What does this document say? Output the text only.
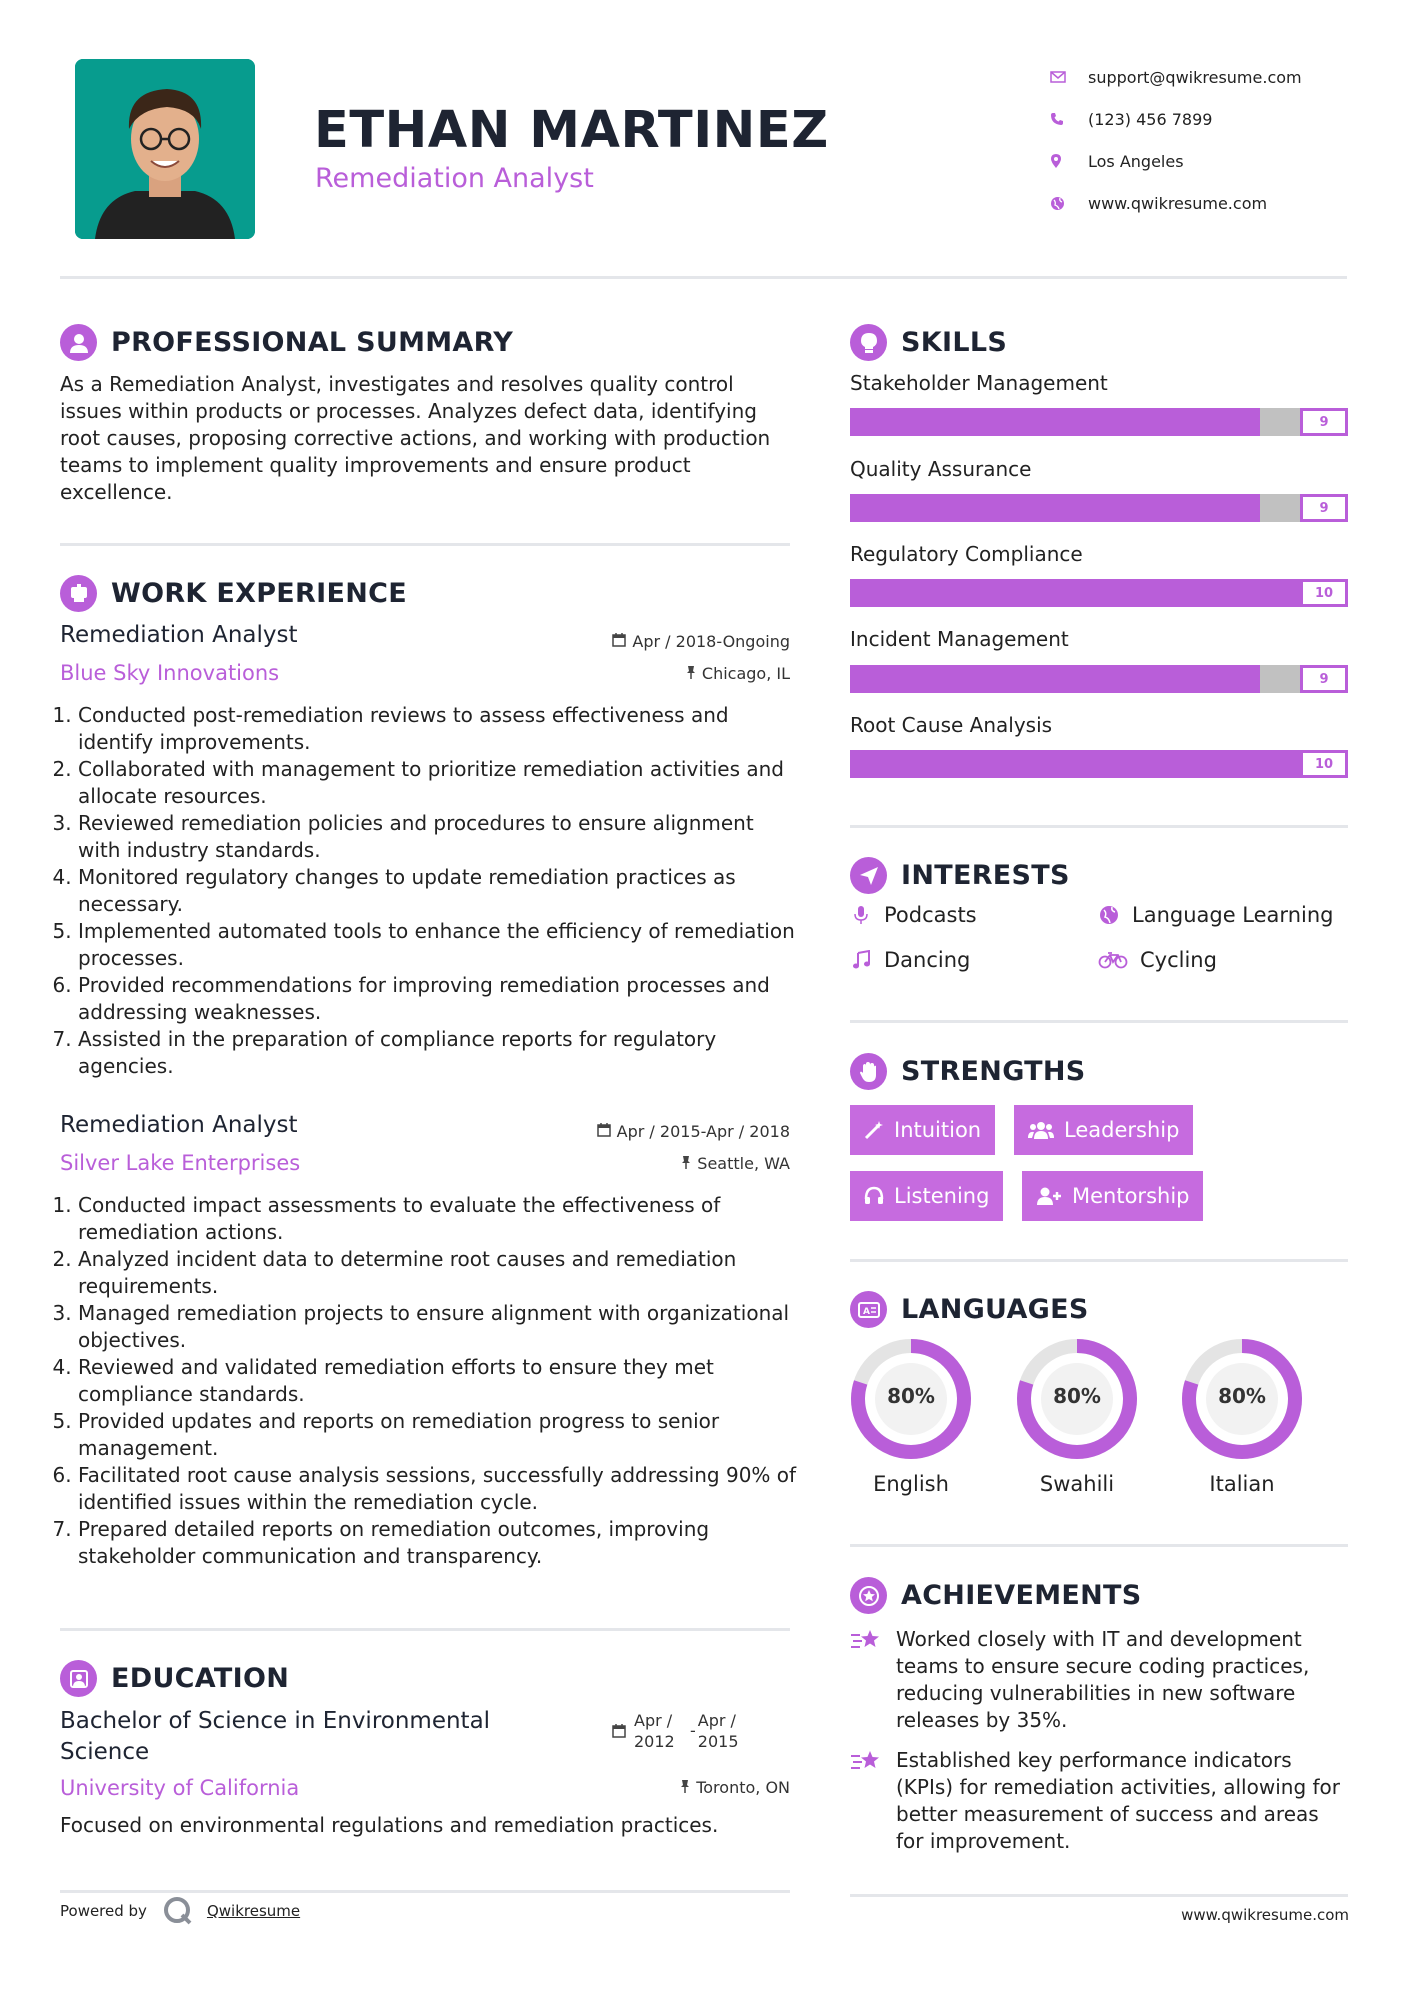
ETHAN MARTINEZ
Remediation Analyst
support@qwikresume.com
(123) 456 7899
Los Angeles
www.qwikresume.com
PROFESSIONAL SUMMARY
As a Remediation Analyst, investigates and resolves quality control issues within products or processes. Analyzes defect data, identifying root causes, proposing corrective actions, and working with production teams to implement quality improvements and ensure product excellence.
WORK EXPERIENCE
Remediation Analyst
Blue Sky Innovations
Apr / 2018-Ongoing
Chicago, IL
1. Conducted post-remediation reviews to assess effectiveness and identify improvements.
2. Collaborated with management to prioritize remediation activities and allocate resources.
3. Reviewed remediation policies and procedures to ensure alignment with industry standards.
4. Monitored regulatory changes to update remediation practices as necessary.
5. Implemented automated tools to enhance the efficiency of remediation processes.
6. Provided recommendations for improving remediation processes and addressing weaknesses.
7. Assisted in the preparation of compliance reports for regulatory agencies.
Remediation Analyst
Silver Lake Enterprises
Apr / 2015-Apr / 2018
Seattle, WA
1. Conducted impact assessments to evaluate the effectiveness of remediation actions.
2. Analyzed incident data to determine root causes and remediation requirements.
3. Managed remediation projects to ensure alignment with organizational objectives.
4. Reviewed and validated remediation efforts to ensure they met compliance standards.
5. Provided updates and reports on remediation progress to senior management.
6. Facilitated root cause analysis sessions, successfully addressing 90% of identified issues within the remediation cycle.
7. Prepared detailed reports on remediation outcomes, improving stakeholder communication and transparency.
EDUCATION
Bachelor of Science in Environmental Science
University of California
Apr / 2012
-
Apr / 2015
Toronto, ON
Focused on environmental regulations and remediation practices.
SKILLS
Stakeholder Management
9
Quality Assurance
9
Regulatory Compliance
10
Incident Management
9
Root Cause Analysis
10
INTERESTS
Podcasts	Language Learning
Dancing	Cycling
STRENGTHS
Intuition	Leadership
Listening	Mentorship
A LANGUAGES
80%
English
80%
Swahili
80%
Italian
ACHIEVEMENTS
Worked closely with IT and development teams to ensure secure coding practices, reducing vulnerabilities in new software releases by 35%.
Established key performance indicators (KPIs) for remediation activities, allowing for better measurement of success and areas for improvement.
Powered by	Qwikresume	www.qwikresume.com
